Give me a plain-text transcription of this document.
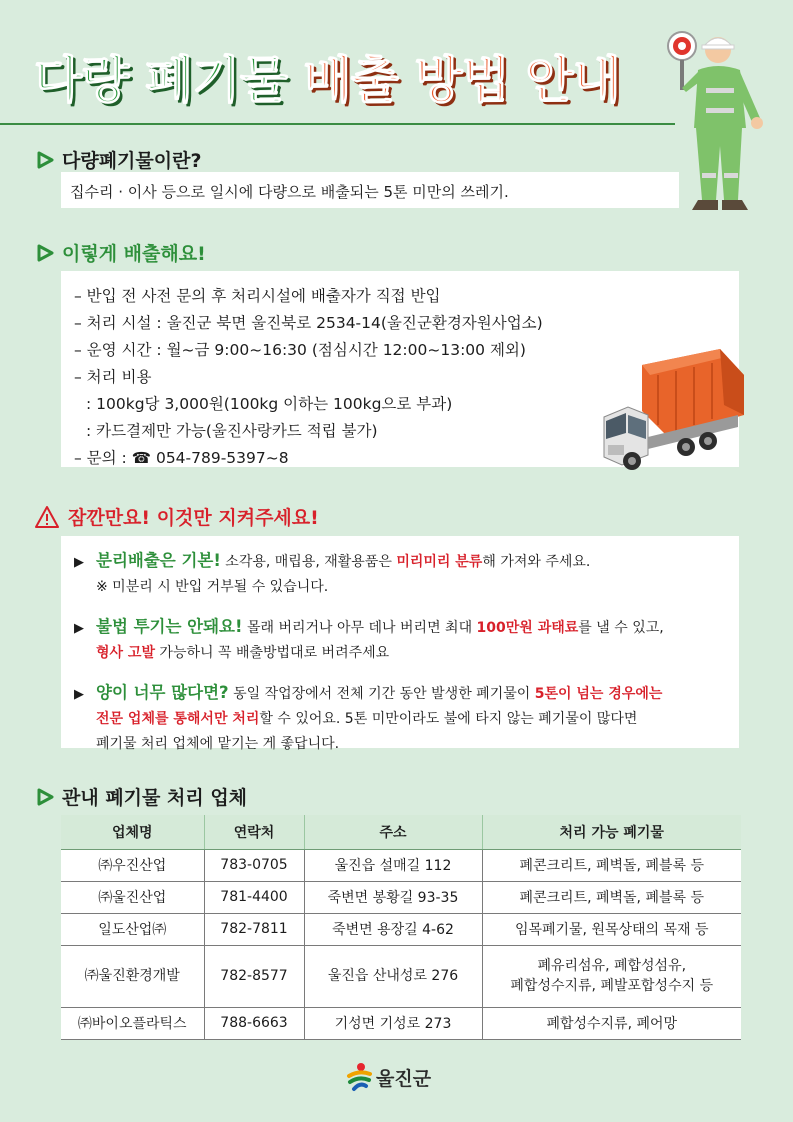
다량 폐기물 배출 방법 안내
다량폐기물이란?
집수리 · 이사 등으로 일시에 다량으로 배출되는 5톤 미만의 쓰레기.
이렇게 배출해요!
– 반입 전 사전 문의 후 처리시설에 배출자가 직접 반입
– 처리 시설 : 울진군 북면 울진북로 2534-14(울진군환경자원사업소)
– 운영 시간 : 월~금 9:00~16:30 (점심시간 12:00~13:00 제외)
– 처리 비용
: 100kg당 3,000원(100kg 이하는 100kg으로 부과)
: 카드결제만 가능(울진사랑카드 적립 불가)
– 문의 : ☎ 054-789-5397~8
잠깐만요! 이것만 지켜주세요!
▶ 분리배출은 기본! 소각용, 매립용, 재활용품은 미리미리 분류해 가져와 주세요.
※ 미분리 시 반입 거부될 수 있습니다.
▶ 불법 투기는 안돼요! 몰래 버리거나 아무 데나 버리면 최대 100만원 과태료를 낼 수 있고,
형사 고발 가능하니 꼭 배출방법대로 버려주세요
▶ 양이 너무 많다면? 동일 작업장에서 전체 기간 동안 발생한 폐기물이 5톤이 넘는 경우에는
전문 업체를 통해서만 처리할 수 있어요. 5톤 미만이라도 불에 타지 않는 폐기물이 많다면
폐기물 처리 업체에 맡기는 게 좋답니다.
관내 폐기물 처리 업체
업체명	연락처	주소	처리 가능 폐기물
㈜우진산업	783-0705	울진읍 설매길 112	폐콘크리트, 폐벽돌, 폐블록 등
㈜울진산업	781-4400	죽변면 봉황길 93-35	폐콘크리트, 폐벽돌, 폐블록 등
일도산업㈜	782-7811	죽변면 용장길 4-62	임목폐기물, 원목상태의 목재 등
㈜울진환경개발	782-8577	울진읍 산내성로 276	폐유리섬유, 폐합성섬유,
폐합성수지류, 폐발포합성수지 등

㈜바이오플라틱스	788-6663	기성면 기성로 273	폐합성수지류, 폐어망
울진군
